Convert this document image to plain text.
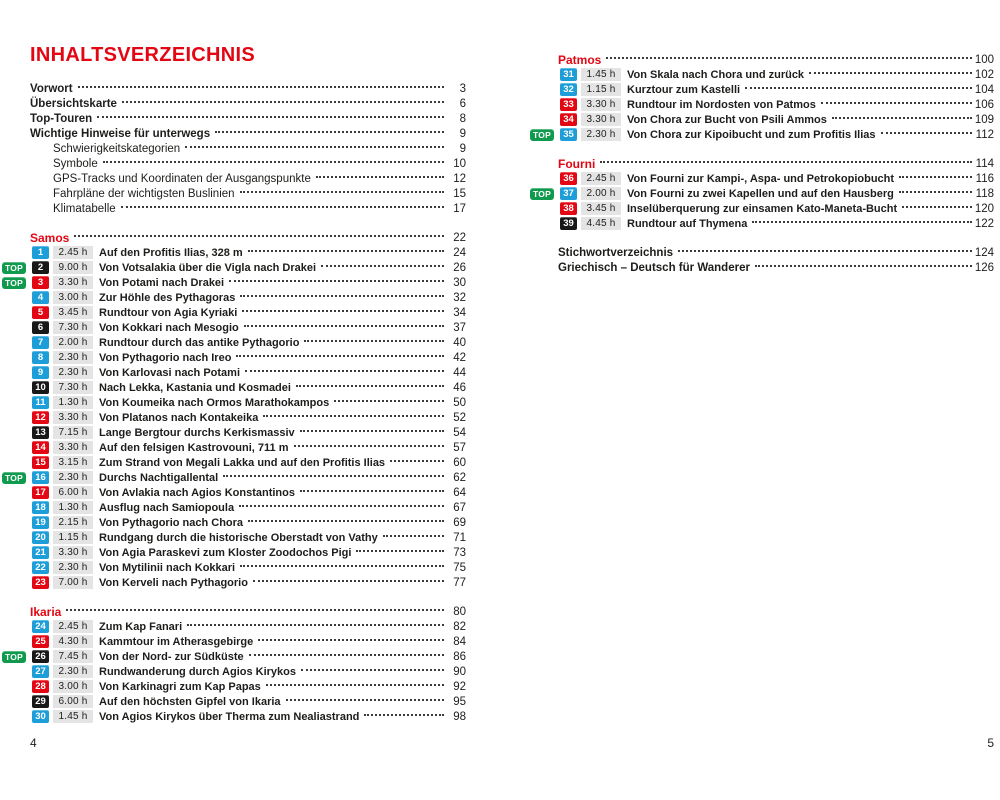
INHALTSVERZEICHNIS
Vorwort	3
Übersichtskarte	6
Top-Touren	8
Wichtige Hinweise für unterwegs	9
Schwierigkeitskategorien	9
Symbole	10
GPS-Tracks und Koordinaten der Ausgangspunkte	12
Fahrpläne der wichtigsten Buslinien	15
Klimatabelle	17
Samos	22
1	2.45 h	Auf den Profitis Ilias, 328 m	24
TOP	2	9.00 h	Von Votsalakia über die Vigla nach Drakei	26
TOP	3	3.30 h	Von Potami nach Drakei	30
4	3.00 h	Zur Höhle des Pythagoras	32
5	3.45 h	Rundtour von Agia Kyriaki	34
6	7.30 h	Von Kokkari nach Mesogio	37
7	2.00 h	Rundtour durch das antike Pythagorio	40
8	2.30 h	Von Pythagorio nach Ireo	42
9	2.30 h	Von Karlovasi nach Potami	44
10	7.30 h	Nach Lekka, Kastania und Kosmadei	46
11	1.30 h	Von Koumeika nach Ormos Marathokampos	50
12	3.30 h	Von Platanos nach Kontakeika	52
13	7.15 h	Lange Bergtour durchs Kerkismassiv	54
14	3.30 h	Auf den felsigen Kastrovouni, 711 m	57
15	3.15 h	Zum Strand von Megali Lakka und auf den Profitis Ilias	60
TOP	16	2.30 h	Durchs Nachtigallental	62
17	6.00 h	Von Avlakia nach Agios Konstantinos	64
18	1.30 h	Ausflug nach Samiopoula	67
19	2.15 h	Von Pythagorio nach Chora	69
20	1.15 h	Rundgang durch die historische Oberstadt von Vathy	71
21	3.30 h	Von Agia Paraskevi zum Kloster Zoodochos Pigi	73
22	2.30 h	Von Mytilinii nach Kokkari	75
23	7.00 h	Von Kerveli nach Pythagorio	77
Ikaria	80
24	2.45 h	Zum Kap Fanari	82
25	4.30 h	Kammtour im Atherasgebirge	84
TOP	26	7.45 h	Von der Nord- zur Südküste	86
27	2.30 h	Rundwanderung durch Agios Kirykos	90
28	3.00 h	Von Karkinagri zum Kap Papas	92
29	6.00 h	Auf den höchsten Gipfel von Ikaria	95
30	1.45 h	Von Agios Kirykos über Therma zum Nealiastrand	98
Patmos	100
31	1.45 h	Von Skala nach Chora und zurück	102
32	1.15 h	Kurztour zum Kastelli	104
33	3.30 h	Rundtour im Nordosten von Patmos	106
34	3.30 h	Von Chora zur Bucht von Psili Ammos	109
TOP	35	2.30 h	Von Chora zur Kipoibucht und zum Profitis Ilias	112
Fourni	114
36	2.45 h	Von Fourni zur Kampi-, Aspa- und Petrokopiobucht	116
TOP	37	2.00 h	Von Fourni zu zwei Kapellen und auf den Hausberg	118
38	3.45 h	Inselüberquerung zur einsamen Kato-Maneta-Bucht	120
39	4.45 h	Rundtour auf Thymena	122
Stichwortverzeichnis	124
Griechisch – Deutsch für Wanderer	126
4	5
